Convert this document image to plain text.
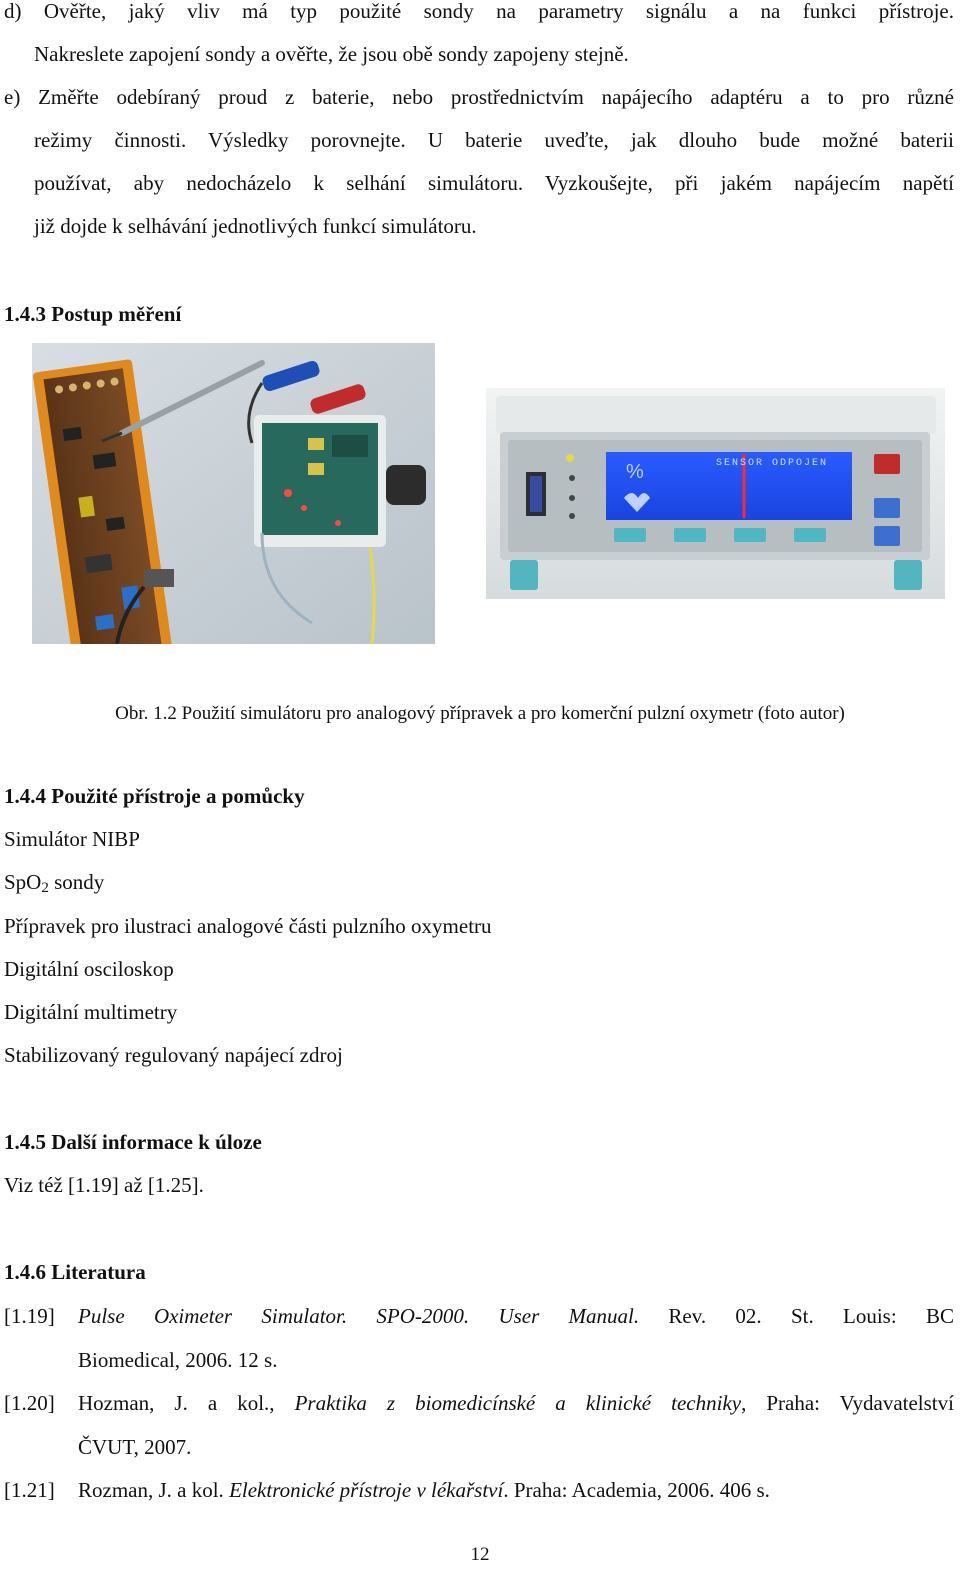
d) Ověřte, jaký vliv má typ použité sondy na parametry signálu a na funkci přístroje.
Nakreslete zapojení sondy a ověřte, že jsou obě sondy zapojeny stejně.
e) Změřte odebíraný proud z baterie, nebo prostřednictvím napájecího adaptéru a to pro různé
režimy činnosti. Výsledky porovnejte. U baterie uveďte, jak dlouho bude možné baterii
používat, aby nedocházelo k selhání simulátoru. Vyzkoušejte, při jakém napájecím napětí
již dojde k selhávání jednotlivých funkcí simulátoru.
1.4.3 Postup měření
%	SENSOR ODPOJEN
Obr. 1.2 Použití simulátoru pro analogový přípravek a pro komerční pulzní oxymetr (foto autor)
1.4.4 Použité přístroje a pomůcky
Simulátor NIBP
SpO$_2$ sondy
Přípravek pro ilustraci analogové části pulzního oxymetru
Digitální osciloskop
Digitální multimetry
Stabilizovaný regulovaný napájecí zdroj
1.4.5 Další informace k úloze
Viz též [1.19] až [1.25].
1.4.6 Literatura
[1.19] Pulse Oximeter Simulator. SPO-2000. User Manual. Rev. 02. St. Louis: BC
Biomedical, 2006. 12 s.
[1.20] Hozman, J. a kol., Praktika z biomedicínské a klinické techniky, Praha: Vydavatelství
ČVUT, 2007.
[1.21] Rozman, J. a kol. Elektronické přístroje v lékařství. Praha: Academia, 2006. 406 s.
12
